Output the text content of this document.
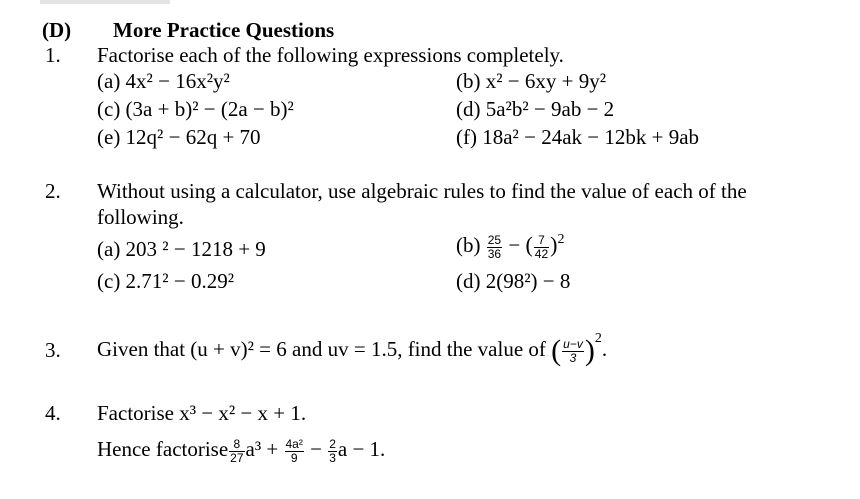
(D) More Practice Questions
1. Factorise each of the following expressions completely.
(a) 4x² − 16x²y²	(b) x² − 6xy + 9y²
(c) (3a + b)² − (2a − b)²	(d) 5a²b² − 9ab − 2
(e) 12q² − 62q + 70	(f) 18a² − 24ak − 12bk + 9ab
2. Without using a calculator, use algebraic rules to find the value of each of the
following.
(a) 203 ² − 1218 + 9	$(b) \frac{25}{36}$ − ( $\frac{7}{42} )^2$
(c) 2.71² − 0.29²	(d) 2(98²) − 8
3. Given that (u + v)² = 6 and uv = 1.5, find the value of ( $\frac{u-v}{3} )^2$.
4. Factorise x³ − x² − x + 1.
Hence factorise $\frac{8}{27} a^3 + \frac{\text{4a²}}{9} - \frac{2}{3}$ a − 1.
